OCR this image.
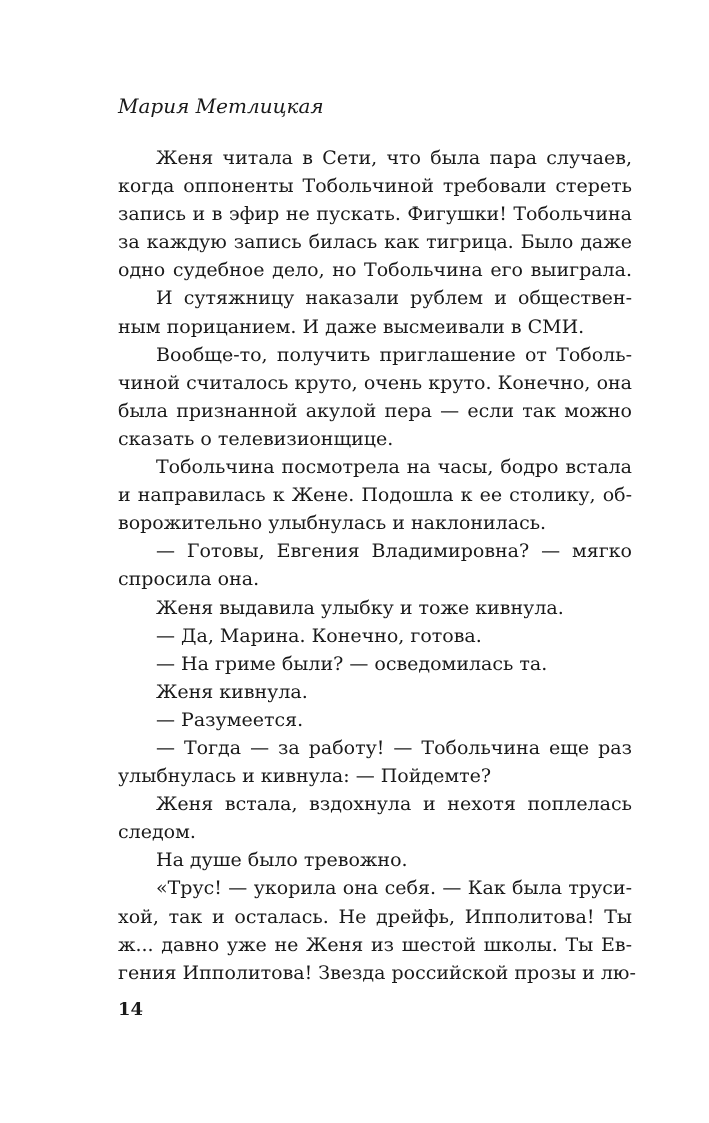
Мария Метлицкая
Женя читала в Сети, что была пара случаев,
когда оппоненты Тобольчиной требовали стереть
запись и в эфир не пускать. Фигушки! Тобольчина
за каждую запись билась как тигрица. Было даже
одно судебное дело, но Тобольчина его выиграла.
И сутяжницу наказали рублем и обществен-
ным порицанием. И даже высмеивали в СМИ.
Вообще-то, получить приглашение от Тоболь-
чиной считалось круто, очень круто. Конечно, она
была признанной акулой пера — если так можно
сказать о телевизионщице.
Тобольчина посмотрела на часы, бодро встала
и направилась к Жене. Подошла к ее столику, об-
ворожительно улыбнулась и наклонилась.
— Готовы, Евгения Владимировна? — мягко
спросила она.
Женя выдавила улыбку и тоже кивнула.
— Да, Марина. Конечно, готова.
— На гриме были? — осведомилась та.
Женя кивнула.
— Разумеется.
— Тогда — за работу! — Тобольчина еще раз
улыбнулась и кивнула: — Пойдемте?
Женя встала, вздохнула и нехотя поплелась
следом.
На душе было тревожно.
«Трус! — укорила она себя. — Как была труси-
хой, так и осталась. Не дрейфь, Ипполитова! Ты
ж... давно уже не Женя из шестой школы. Ты Ев-
гения Ипполитова! Звезда российской прозы и лю-
14
